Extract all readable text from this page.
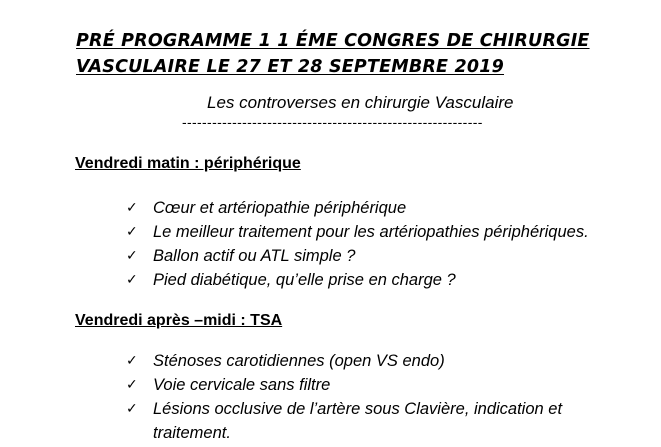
PRÉ PROGRAMME 1 1 ÉME CONGRES DE CHIRURGIE
VASCULAIRE LE 27 ET 28 SEPTEMBRE 2019
Les controverses en chirurgie Vasculaire
------------------------------------------------------------
Vendredi matin : périphérique
✓ Cœur et artériopathie périphérique
✓ Le meilleur traitement pour les artériopathies périphériques.
✓ Ballon actif ou ATL simple ?
✓ Pied diabétique, qu’elle prise en charge ?
Vendredi après –midi : TSA
✓ Sténoses carotidiennes (open VS endo)
✓ Voie cervicale sans filtre
✓ Lésions occlusive de l’artère sous Clavière, indication et traitement.
